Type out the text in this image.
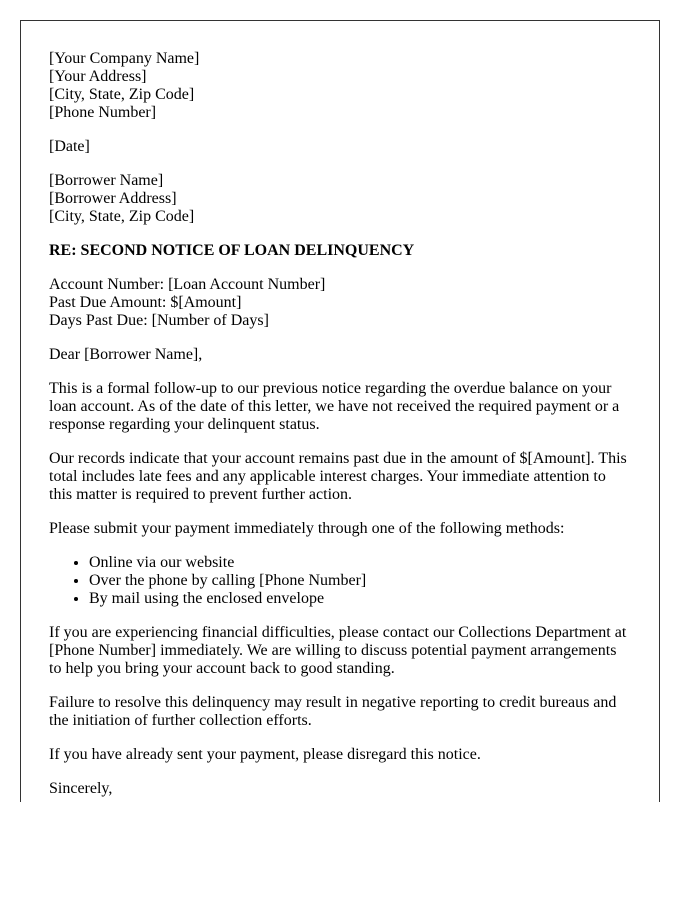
[Your Company Name]
[Your Address]
[City, State, Zip Code]
[Phone Number]

[Date]

[Borrower Name]
[Borrower Address]
[City, State, Zip Code]

RE: SECOND NOTICE OF LOAN DELINQUENCY

Account Number: [Loan Account Number]
Past Due Amount: $[Amount]
Days Past Due: [Number of Days]

Dear [Borrower Name],

This is a formal follow-up to our previous notice regarding the overdue balance on your loan account. As of the date of this letter, we have not received the required payment or a response regarding your delinquent status.

Our records indicate that your account remains past due in the amount of $[Amount]. This total includes late fees and any applicable interest charges. Your immediate attention to this matter is required to prevent further action.

Please submit your payment immediately through one of the following methods:

• Online via our website
• Over the phone by calling [Phone Number]
• By mail using the enclosed envelope

If you are experiencing financial difficulties, please contact our Collections Department at [Phone Number] immediately. We are willing to discuss potential payment arrangements to help you bring your account back to good standing.

Failure to resolve this delinquency may result in negative reporting to credit bureaus and the initiation of further collection efforts.

If you have already sent your payment, please disregard this notice.

Sincerely,
